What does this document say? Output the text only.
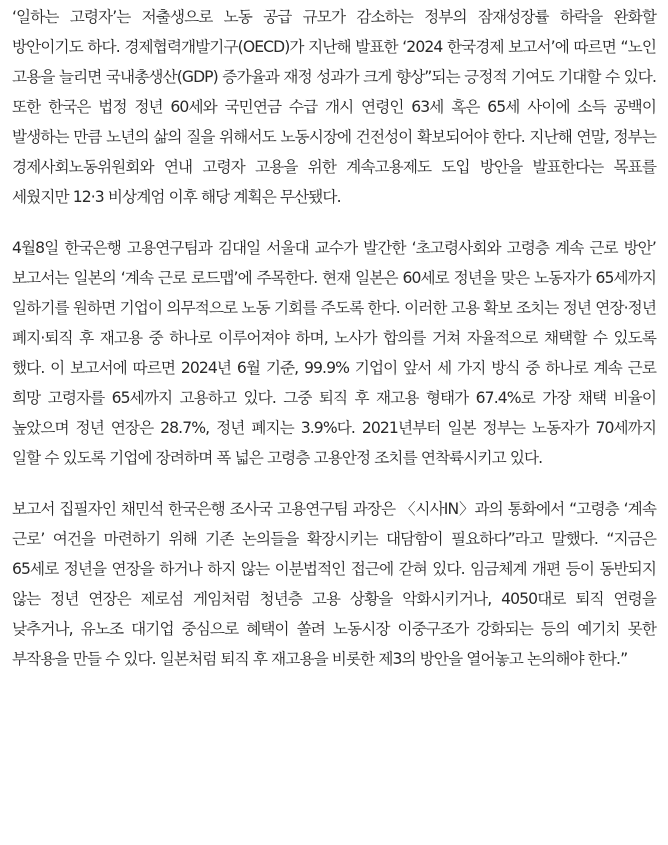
‘일하는 고령자’는 저출생으로 노동 공급 규모가 감소하는 정부의 잠재성장률 하락을 완화할 방안이기도 하다. 경제협력개발기구(OECD)가 지난해 발표한 ‘2024 한국경제 보고서’에 따르면 “노인 고용을 늘리면 국내총생산(GDP) 증가율과 재정 성과가 크게 향상”되는 긍정적 기여도 기대할 수 있다. 또한 한국은 법정 정년 60세와 국민연금 수급 개시 연령인 63세 혹은 65세 사이에 소득 공백이 발생하는 만큼 노년의 삶의 질을 위해서도 노동시장에 건전성이 확보되어야 한다. 지난해 연말, 정부는 경제사회노동위원회와 연내 고령자 고용을 위한 계속고용제도 도입 방안을 발표한다는 목표를 세웠지만 12·3 비상계엄 이후 해당 계획은 무산됐다.

4월8일 한국은행 고용연구팀과 김대일 서울대 교수가 발간한 ‘초고령사회와 고령층 계속 근로 방안’ 보고서는 일본의 ‘계속 근로 로드맵’에 주목한다. 현재 일본은 60세로 정년을 맞은 노동자가 65세까지 일하기를 원하면 기업이 의무적으로 노동 기회를 주도록 한다. 이러한 고용 확보 조치는 정년 연장·정년 폐지·퇴직 후 재고용 중 하나로 이루어져야 하며, 노사가 합의를 거쳐 자율적으로 채택할 수 있도록 했다. 이 보고서에 따르면 2024년 6월 기준, 99.9% 기업이 앞서 세 가지 방식 중 하나로 계속 근로 희망 고령자를 65세까지 고용하고 있다. 그중 퇴직 후 재고용 형태가 67.4%로 가장 채택 비율이 높았으며 정년 연장은 28.7%, 정년 폐지는 3.9%다. 2021년부터 일본 정부는 노동자가 70세까지 일할 수 있도록 기업에 장려하며 폭 넓은 고령층 고용안정 조치를 연착륙시키고 있다.

보고서 집필자인 채민석 한국은행 조사국 고용연구팀 과장은 〈시사IN〉과의 통화에서 “고령층 ‘계속 근로’ 여건을 마련하기 위해 기존 논의들을 확장시키는 대담함이 필요하다”라고 말했다. “지금은 65세로 정년을 연장을 하거나 하지 않는 이분법적인 접근에 갇혀 있다. 임금체계 개편 등이 동반되지 않는 정년 연장은 제로섬 게임처럼 청년층 고용 상황을 악화시키거나, 4050대로 퇴직 연령을 낮추거나, 유노조 대기업 중심으로 혜택이 쏠려 노동시장 이중구조가 강화되는 등의 예기치 못한 부작용을 만들 수 있다. 일본처럼 퇴직 후 재고용을 비롯한 제3의 방안을 열어놓고 논의해야 한다.”
